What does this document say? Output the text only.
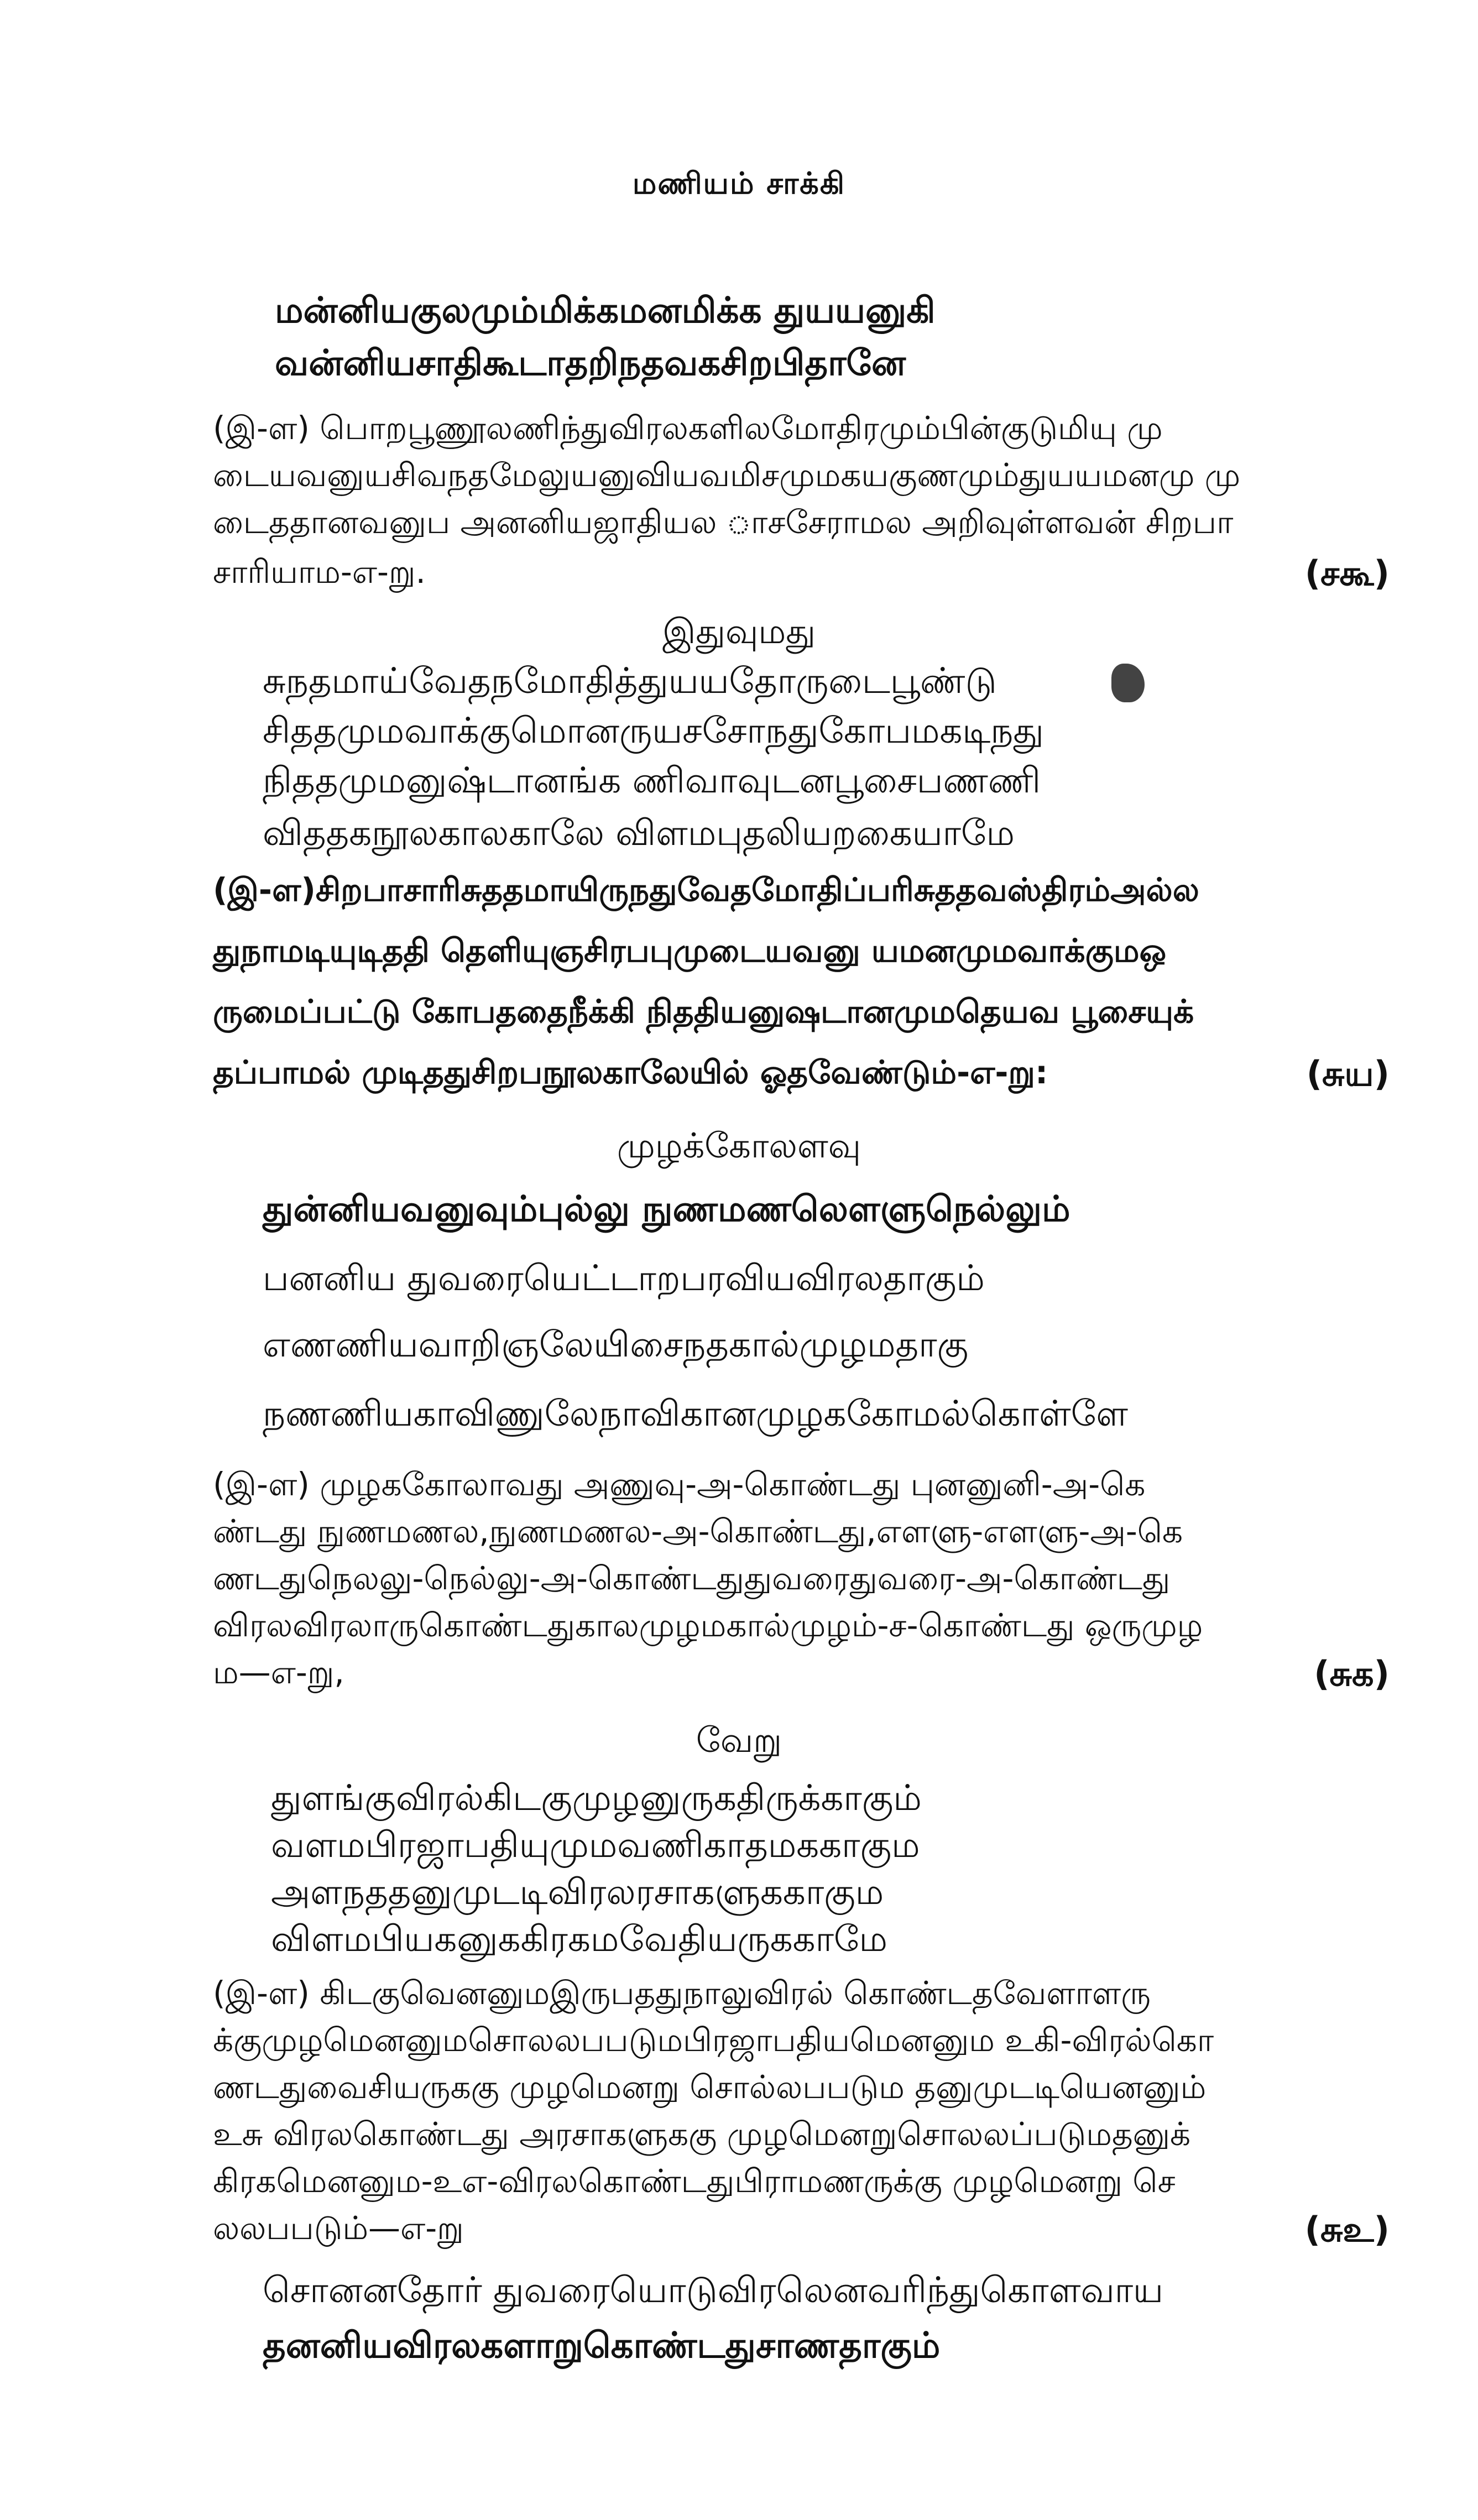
மணியம் சாக்கி
மன்னியகுலமும்மிக்கமனமிக்க துயயனுகி
வன்னியசாதிகூடாதறிநதவகசிறபிதானே
(இ-ள) பொறபூணூலணிந்துவிரலகளிலமோதிரமும்பின்குடுமியு மு
டையவனுயசிவநதமேலுயனுவியவமிசமுமகயகுணமும்துயயமனமு மு
டைததானவனுப அனனியஜாதியல ாசசேராமல அறிவுள்ளவன் சிறபா
சாரியாம-எ-று.	(சகூ)
இதுவுமது
சுநதமாய்வேதநமோதித்துயயதோருடைபூண்டு
சிததமுமவாக்குமொனருயசசோநதுகோபமகடிநது
நிததமுமனுஷ்டானங்க ணிவாவுடனபூசைபணணி
விததகநூலகாலகாலே விளமபுதலியறகையாமே
(இ-ள)சிறபாசாரிசுததமாயிருநதுவேதமோதிப்பரிசுததவஸ்திரம்அல்ல
துநாமடியுடிததி தெளியுஞசிரபபுமுடையவனு யமனமுமவாக்குமஒ
ருமைப்பட்டு கோபததைநீக்கி நிததியனுஷடானமுமதெயவ பூசையுக்
தப்பாமல் முடிததுசிறபநூலகாலேயில் ஓதவேண்டும்-எ-று:	(சுய)
முழக்கோலளவு
துன்னியவனுவும்புல்லு நுணமணலெளளுநெல்லும்
பனனிய துவரையெட்டாறபரவியவிரலதாகும்
எணணியவாறிஞலேயிசைநதகால்முழமதாகு
நணணியகாவிணுலேநாவிகானமுழககோமல்கொள்ளே
(இ-ள) முழககோலாவது அணுவு-அ-கொண்டது புனனுனி-அ-கெ
ண்டது நுணமணல,நுணமணல-அ-கொண்டது,எளளு-எளளு-அ-கெ
ணடதுநெலலு-நெல்லு-அ-கொண்டதுதுவரைதுவரை-அ-கொண்டது
விரலவிரலாருகொண்டதுகாலமுழமகால்முழம்-ச-கொண்டது ஒருமுழ
ம—எ-று,	(சுக)
வேறு
துளங்குவிரல்கிடகுமுழனுருகதிருக்காகும்
வளமபிரஜாபதியுமுமவணிகாதமககாகும
அளநததனுமுடடிவிரலரசாகளுககாகும
விளமபியகனுககிரகமவேதியருககாமே
(இ-ள) கிடகுவெனனுமஇருபததுநாலுவிரல் கொண்டதவேளாளரு
க்குமுழமெனனுமசொலலபபடுமபிரஜாபதியமெனனும உகி-விரல்கொ
ணடதுவைசியருககு முழமெனறு சொல்லபபடும தனுமுடடியெனனும்
உசு விரலகொண்டது அரசாகளுககு முழமெனறுசொலலப்படுமதனுக்
கிரகமெனனும-உஎ-விரலகொண்டதுபிராமணருக்கு முழமெனறு செ
லலபபடும்—எ-று	(சுஉ)
சொனனதோர் துவரையொடுவிரலெனவரிந்துகொளவாய
தனனியவிரலகளாறுகொண்டதுசாணதாகும்
